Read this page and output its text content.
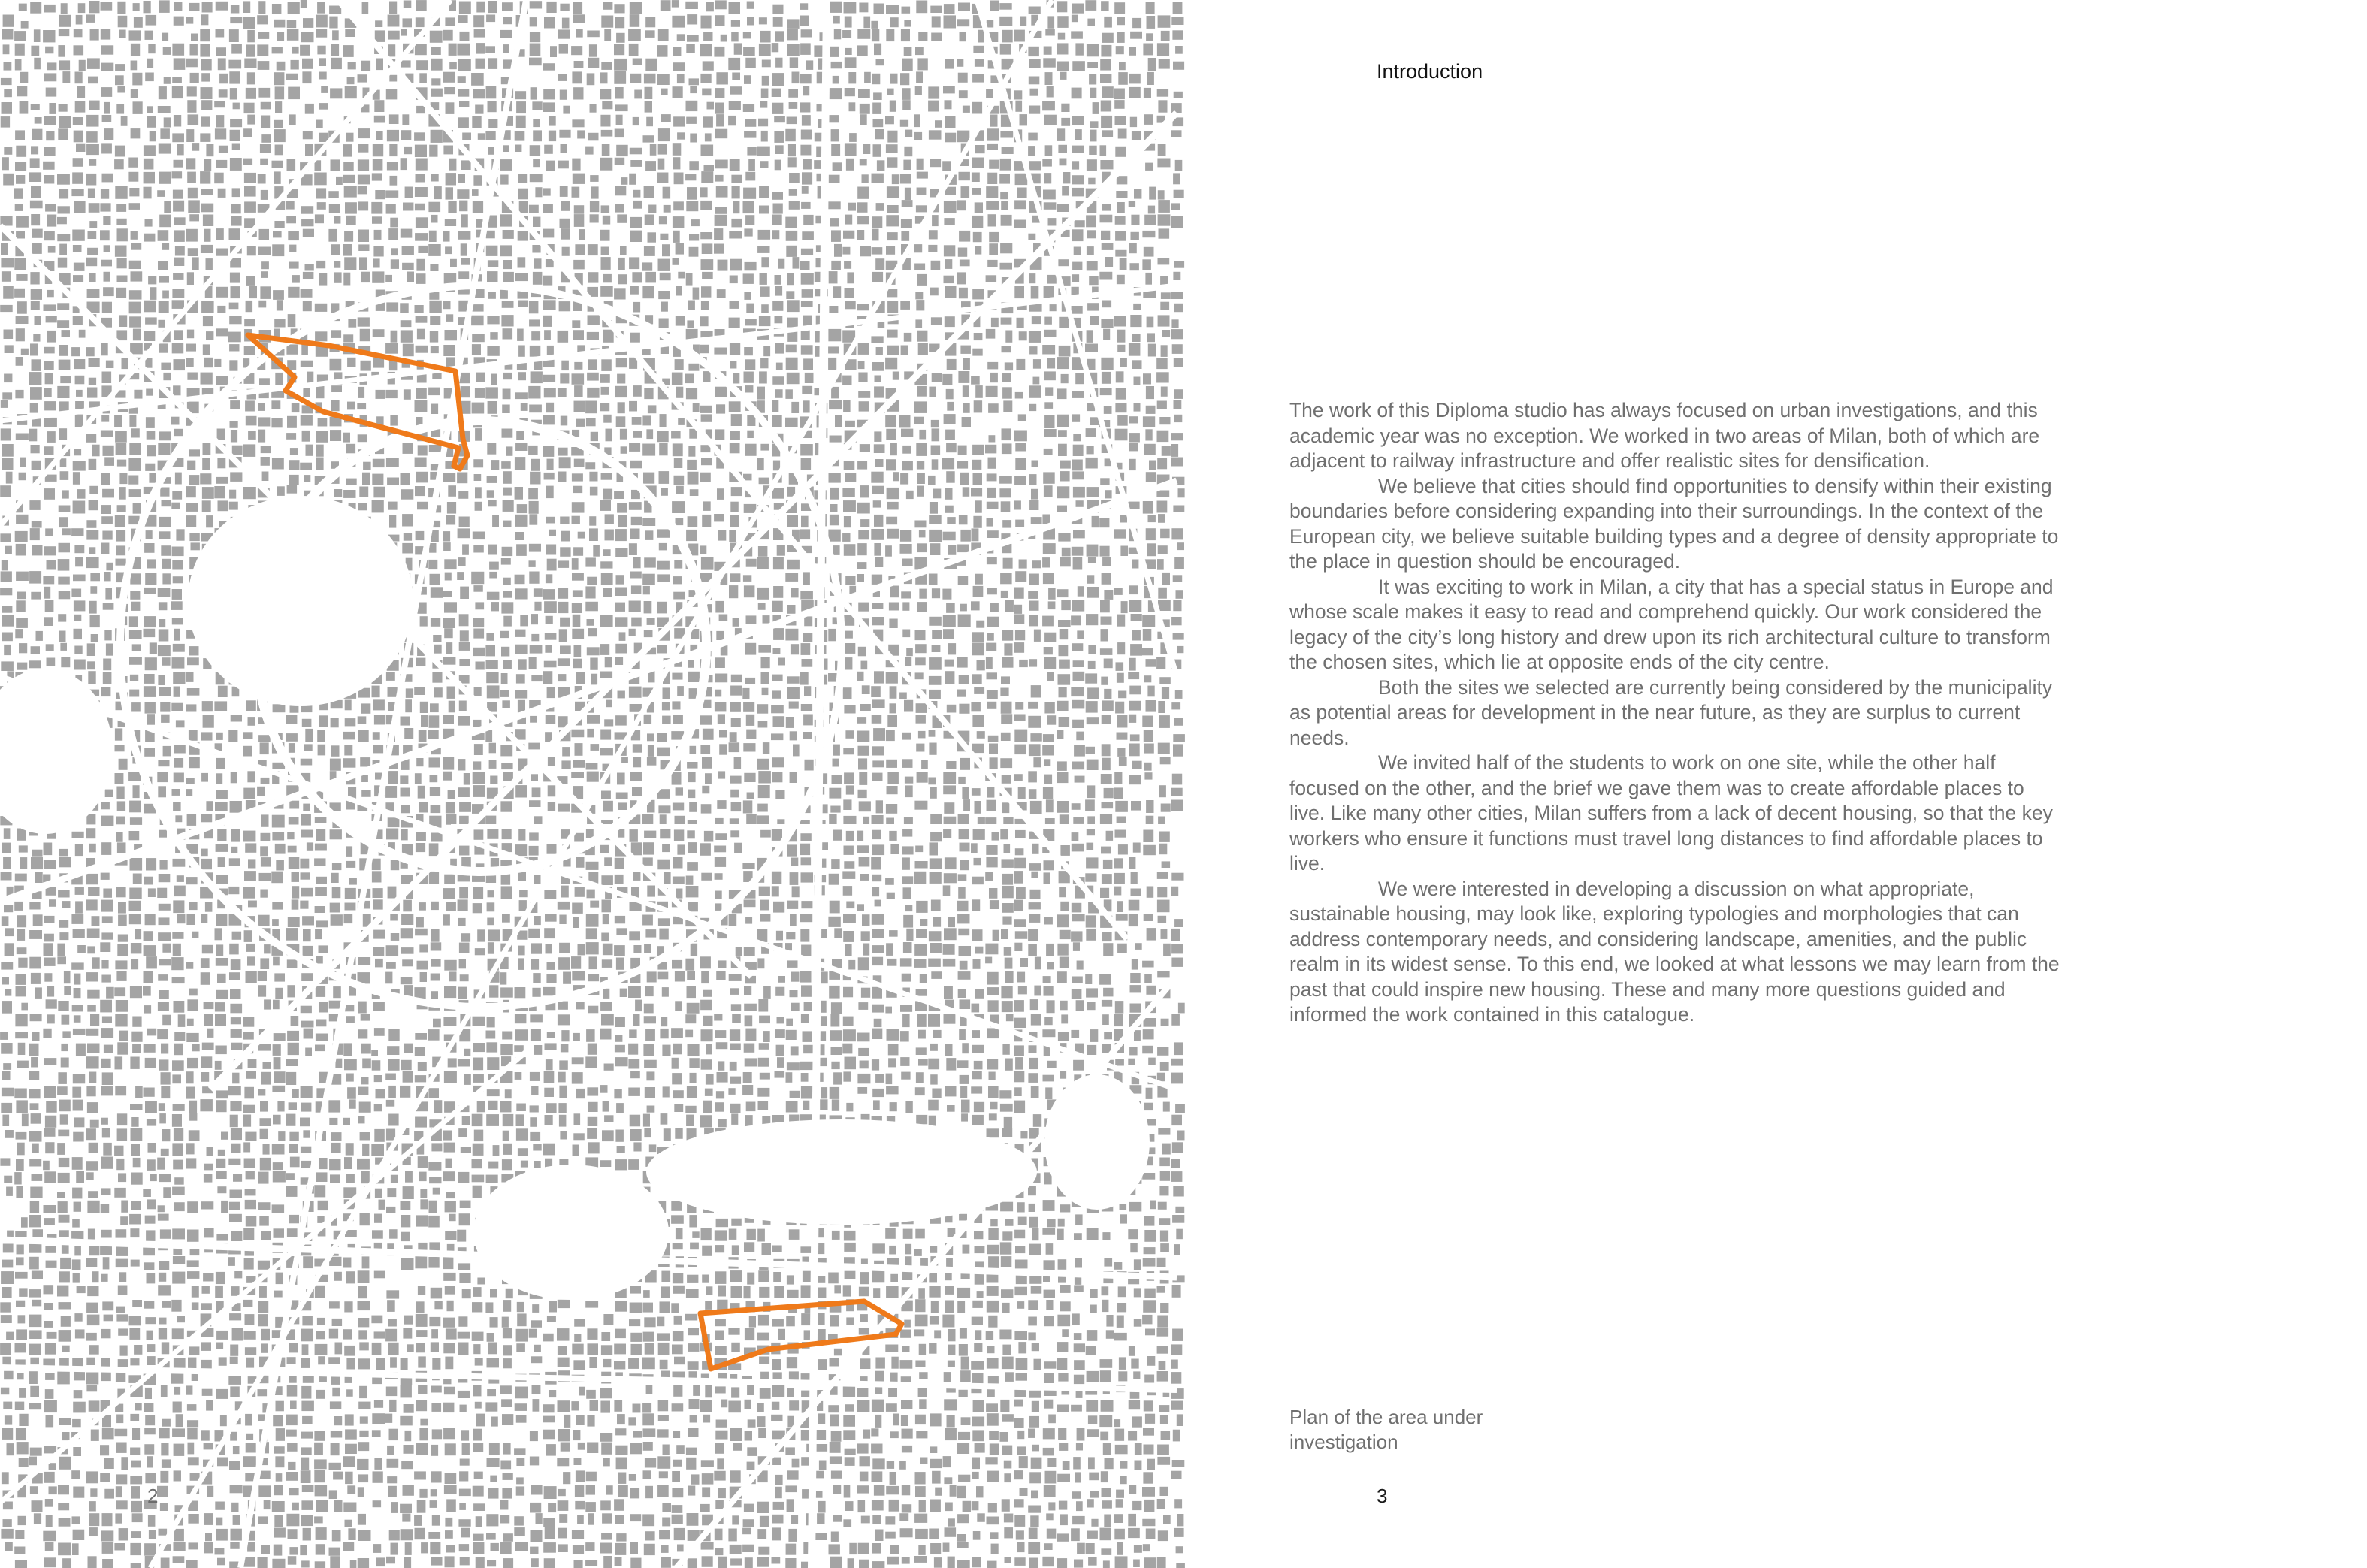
2
Introduction

The work of this Diploma studio has always focused on urban investigations, and this academic year was no exception. We worked in two areas of Milan, both of which are adjacent to railway infrastructure and offer realistic sites for densification.

We believe that cities should find opportunities to densify within their existing boundaries before considering expanding into their surroundings. In the context of the European city, we believe suitable building types and a degree of density appropriate to the place in question should be encouraged.

It was exciting to work in Milan, a city that has a special status in Europe and whose scale makes it easy to read and comprehend quickly. Our work considered the legacy of the city’s long history and drew upon its rich architectural culture to transform the chosen sites, which lie at opposite ends of the city centre.

Both the sites we selected are currently being considered by the municipality as potential areas for development in the near future, as they are surplus to current needs.

We invited half of the students to work on one site, while the other half focused on the other, and the brief we gave them was to create affordable places to live. Like many other cities, Milan suffers from a lack of decent housing, so that the key workers who ensure it functions must travel long distances to find affordable places to live.

We were interested in developing a discussion on what appropriate, sustainable housing, may look like, exploring typologies and morphologies that can address contemporary needs, and considering landscape, amenities, and the public realm in its widest sense. To this end, we looked at what lessons we may learn from the past that could inspire new housing. These and many more questions guided and informed the work contained in this catalogue.

Plan of the area under
investigation
3
